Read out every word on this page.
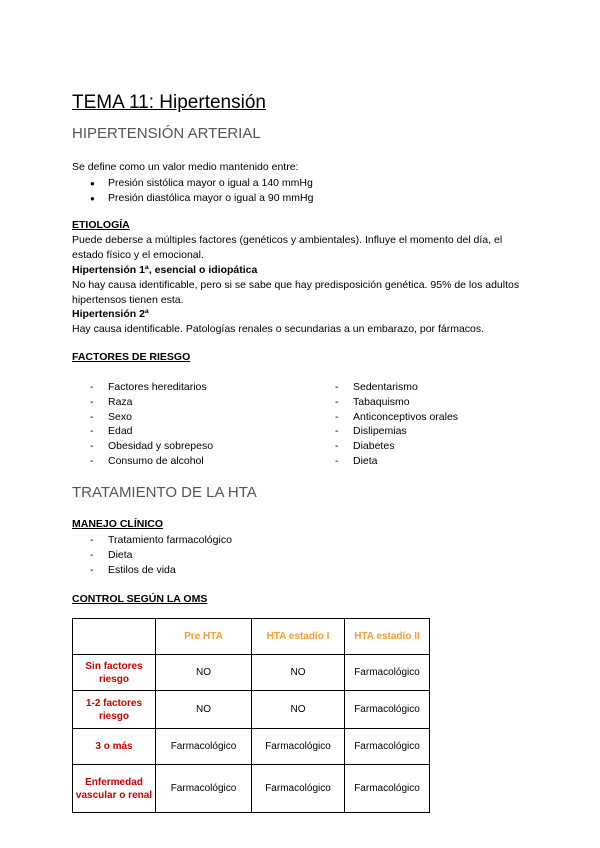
TEMA 11: Hipertensión
HIPERTENSIÓN ARTERIAL
Se define como un valor medio mantenido entre:
● Presión sistólica mayor o igual a 140 mmHg
● Presión diastólica mayor o igual a 90 mmHg
ETIOLOGÍA
Puede deberse a múltiples factores (genéticos y ambientales). Influye el momento del día, el estado físico y el emocional.
Hipertensión 1ª, esencial o idiopática
No hay causa identificable, pero si se sabe que hay predisposición genética. 95% de los adultos hipertensos tienen esta.
Hipertensión 2ª
Hay causa identificable. Patologías renales o secundarias a un embarazo, por fármacos.
FACTORES DE RIESGO
- Factores hereditarios
- Raza
- Sexo
- Edad
- Obesidad y sobrepeso
- Consumo de alcohol
- Sedentarismo
- Tabaquismo
- Anticonceptivos orales
- Dislipemias
- Diabetes
- Dieta
TRATAMIENTO DE LA HTA
MANEJO CLÍNICO
- Tratamiento farmacológico
- Dieta
- Estilos de vida
CONTROL SEGÚN LA OMS
	Pre HTA	HTA estadío I	HTA estadío II
Sin factores riesgo	NO	NO	Farmacológico
1-2 factores riesgo	NO	NO	Farmacológico
3 o más	Farmacológico	Farmacológico	Farmacológico
Enfermedad vascular o renal	Farmacológico	Farmacológico	Farmacológico
